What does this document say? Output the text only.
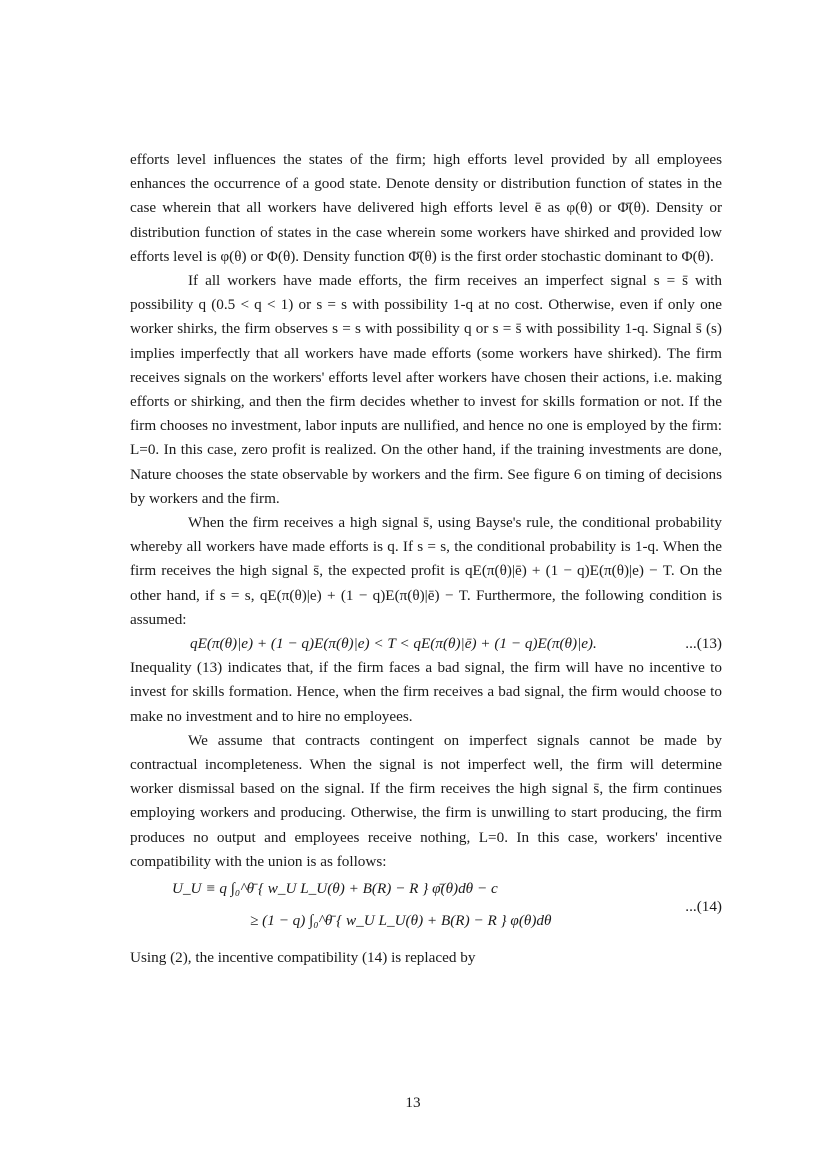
efforts level influences the states of the firm; high efforts level provided by all employees enhances the occurrence of a good state. Denote density or distribution function of states in the case wherein that all workers have delivered high efforts level ē as φ(θ) or Φ̄(θ). Density or distribution function of states in the case wherein some workers have shirked and provided low efforts level is φ(θ) or Φ(θ). Density function Φ̄(θ) is the first order stochastic dominant to Φ(θ).

If all workers have made efforts, the firm receives an imperfect signal s = s̄ with possibility q (0.5 < q < 1) or s = s with possibility 1-q at no cost. Otherwise, even if only one worker shirks, the firm observes s = s with possibility q or s = s̄ with possibility 1-q. Signal s̄ (s) implies imperfectly that all workers have made efforts (some workers have shirked). The firm receives signals on the workers' efforts level after workers have chosen their actions, i.e. making efforts or shirking, and then the firm decides whether to invest for skills formation or not. If the firm chooses no investment, labor inputs are nullified, and hence no one is employed by the firm: L=0. In this case, zero profit is realized. On the other hand, if the training investments are done, Nature chooses the state observable by workers and the firm. See figure 6 on timing of decisions by workers and the firm.

When the firm receives a high signal s̄, using Bayse's rule, the conditional probability whereby all workers have made efforts is q. If s = s, the conditional probability is 1-q. When the firm receives the high signal s̄, the expected profit is qE(π(θ)|ē) + (1 − q)E(π(θ)|e) − T. On the other hand, if s = s, qE(π(θ)|e) + (1 − q)E(π(θ)|ē) − T. Furthermore, the following condition is assumed:

qE(π(θ)|e) + (1 − q)E(π(θ)|e) < T < qE(π(θ)|ē) + (1 − q)E(π(θ)|e).	...(13)

Inequality (13) indicates that, if the firm faces a bad signal, the firm will have no incentive to invest for skills formation. Hence, when the firm receives a bad signal, the firm would choose to make no investment and to hire no employees.

We assume that contracts contingent on imperfect signals cannot be made by contractual incompleteness. When the signal is not imperfect well, the firm will determine worker dismissal based on the signal. If the firm receives the high signal s̄, the firm continues employing workers and producing. Otherwise, the firm is unwilling to start producing, the firm produces no output and employees receive nothing, L=0. In this case, workers' incentive compatibility with the union is as follows:

U_U ≡ q ∫₀^θ̄ { w_U L_U(θ) + B(R) − R } φ̄(θ)dθ − c
≥ (1 − q) ∫₀^θ̄ { w_U L_U(θ) + B(R) − R } φ(θ)dθ
...(14)

Using (2), the incentive compatibility (14) is replaced by

13
